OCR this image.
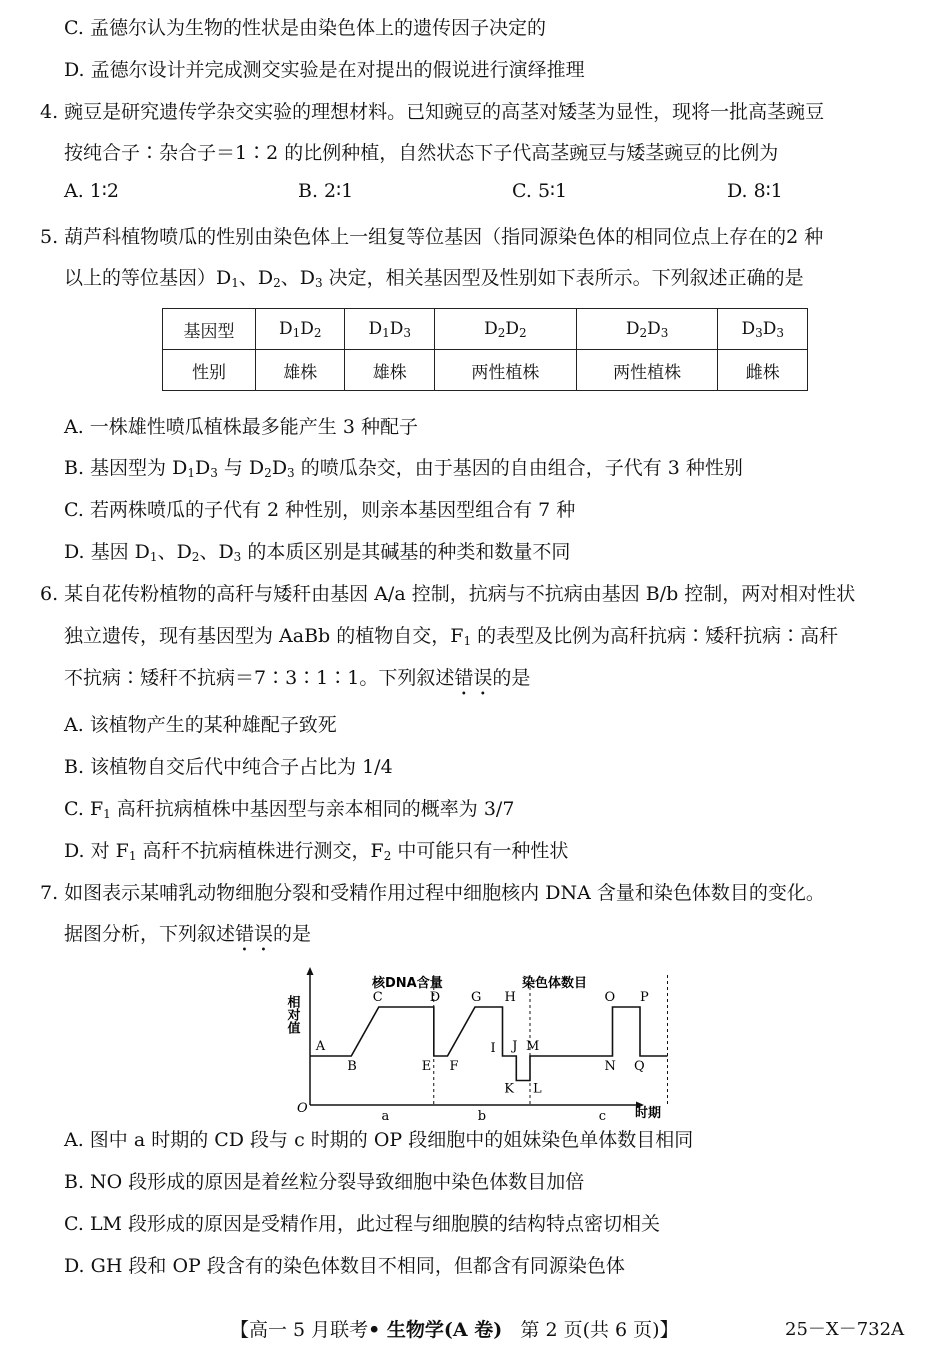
C. 孟德尔认为生物的性状是由染色体上的遗传因子决定的
D. 孟德尔设计并完成测交实验是在对提出的假说进行演绎推理
4. 豌豆是研究遗传学杂交实验的理想材料。已知豌豆的高茎对矮茎为显性，现将一批高茎豌豆
按纯合子∶杂合子＝1∶2 的比例种植，自然状态下子代高茎豌豆与矮茎豌豆的比例为
A. 1∶2	B. 2∶1	C. 5∶1	D. 8∶1
5. 葫芦科植物喷瓜的性别由染色体上一组复等位基因（指同源染色体的相同位点上存在的2 种
以上的等位基因）$D_1$、$D_2$、$D_3$ 决定，相关基因型及性别如下表所示。下列叙述正确的是
基因型	$D_1D_2$	$D_1D_3$	$D_2D_2$	$D_2D_3$	$D_3D_3$
性别	雄株	雄株	两性植株	两性植株	雌株
A. 一株雄性喷瓜植株最多能产生 3 种配子
B. 基因型为 $D_1D_3$ 与 $D_2D_3$ 的喷瓜杂交，由于基因的自由组合，子代有 3 种性别
C. 若两株喷瓜的子代有 2 种性别，则亲本基因型组合有 7 种
D. 基因 $D_1$、$D_2$、$D_3$ 的本质区别是其碱基的种类和数量不同
6. 某自花传粉植物的高秆与矮秆由基因 A/a 控制，抗病与不抗病由基因 B/b 控制，两对相对性状
独立遗传，现有基因型为 AaBb 的植物自交，$F_1$ 的表型及比例为高秆抗病∶矮秆抗病∶高秆
不抗病∶矮秆不抗病＝7∶3∶1∶1。下列叙述错误的是
A. 该植物产生的某种雄配子致死
B. 该植物自交后代中纯合子占比为 1/4
C. $F_1$ 高秆抗病植株中基因型与亲本相同的概率为 3/7
D. 对 $F_1$ 高秆不抗病植株进行测交，$F_2$ 中可能只有一种性状
7. 如图表示某哺乳动物细胞分裂和受精作用过程中细胞核内 DNA 含量和染色体数目的变化。
据图分析，下列叙述错误的是
O
相对值
时期
核DNA含量	染色体数目
A
B
C	D
E F
G H
I J
K L
M
N
O P
Q
a	b	c
A. 图中 a 时期的 CD 段与 c 时期的 OP 段细胞中的姐妹染色单体数目相同
B. NO 段形成的原因是着丝粒分裂导致细胞中染色体数目加倍
C. LM 段形成的原因是受精作用，此过程与细胞膜的结构特点密切相关
D. GH 段和 OP 段含有的染色体数目不相同，但都含有同源染色体
【高一 5 月联考• 生物学(A 卷) 第 2 页(共 6 页)】	25－X－732A
